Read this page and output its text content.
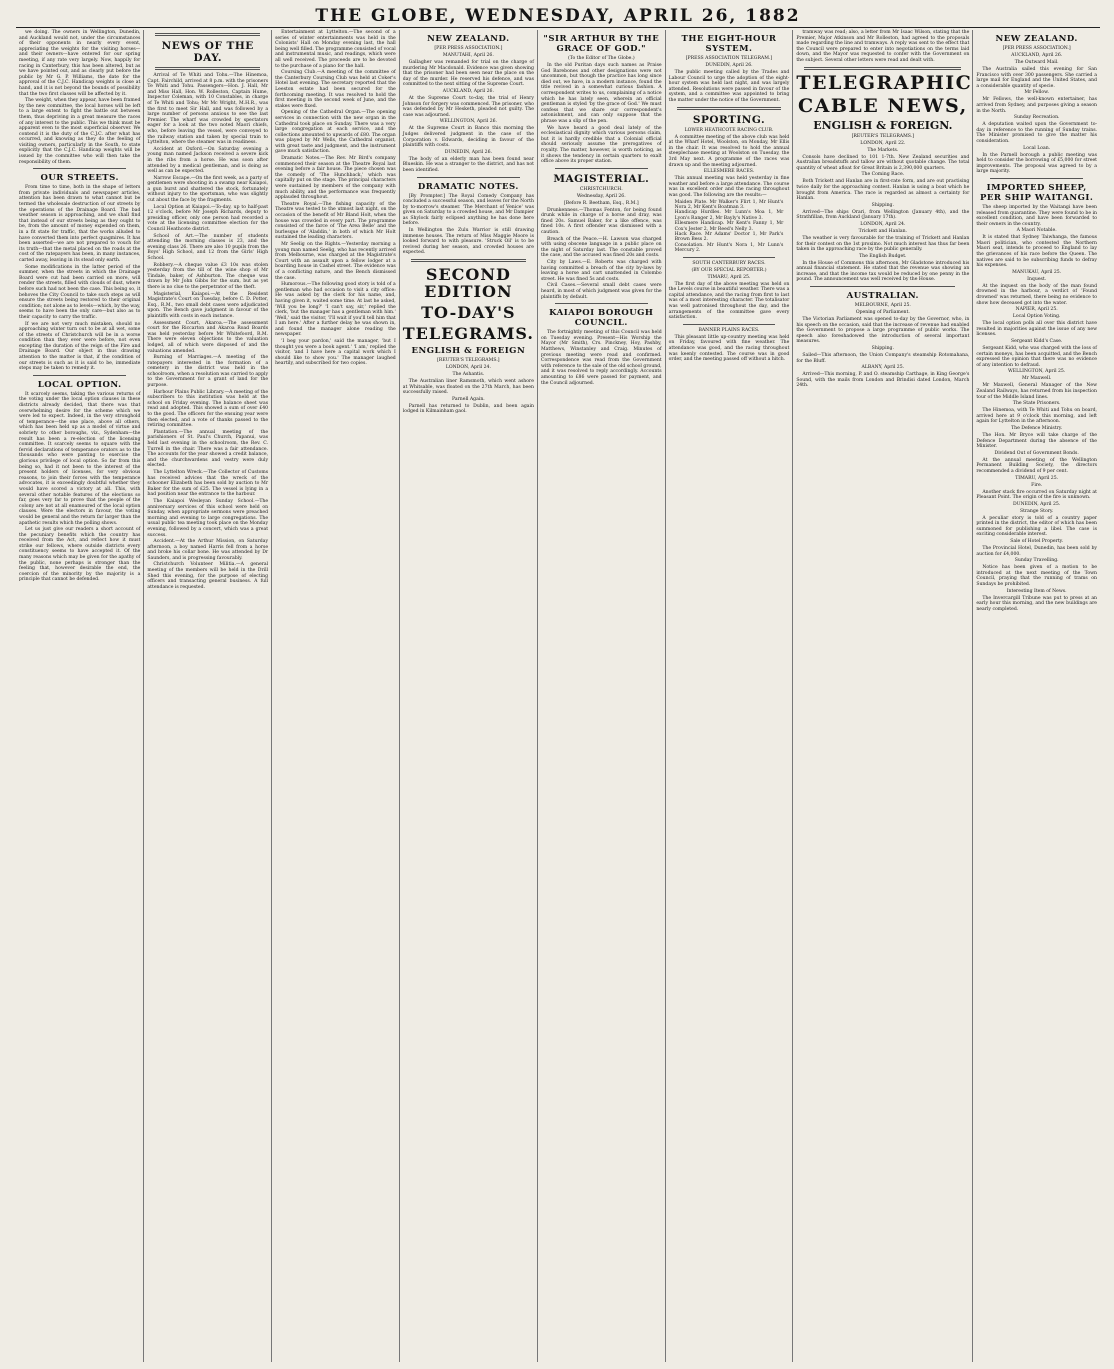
THE GLOBE, WEDNESDAY, APRIL 26, 1882

we doing. The owners in Wellington, Dunedin, and Auckland would not, under the circumstances of their opponents in nearly every event, appreciating the weights for the visiting horses—and their owners—have entered for our spring meeting, if any rate very largely. Now, happily for racing in Canterbury, this has been altered, but as we have pointed out, and as clearly put before the public by Mr G. P. Williams, the date for the approval of the C.J.C. Handicap weights is close at hand, and it is not beyond the bounds of possibility that the two first classes will be affected by it.

The weight, when they appear, have been framed by the new committee, the local horses will be left to a large extent to fight the battle out between them, thus depriving in a great measure the races of any interest to the public. This we think must be apparent even to the most superficial observer. We contend it is the duty of the C.J.C. after what has occurred, and knowing as they do the feeling of visiting owners, particularly in the South, to state explicitly that the C.J.C. Handicap weights will be issued by the committee who will then take the responsibility of them.

OUR STREETS.

From time to time, both in the shape of letters from private individuals and newspaper articles, attention has been drawn to what cannot but be termed the wholesale destruction of our streets by the operations of the Drainage Board. The bad weather season is approaching, and we shall find that instead of our streets being as they ought to be, from the amount of money expended on them, in a fit state for traffic, that the works alluded to have converted them into perfect quagmires. It has been asserted—we are not prepared to vouch for its truth—that the metal placed on the roads at the cost of the ratepayers has been, in many instances, carted away, leaving in its stead only earth.

Some modifications in the latter period of the summer, when the streets in which the Drainage Board were cut had been carried on more, will render the streets, filled with clouds of dust, where before such had not been the case. This being so, it behoves the City Council to take such steps as will ensure the streets being restored to their original condition; not alone as to levels—which, by the way, seems to have been the only care—but also as to their capacity to carry the traffic.

If we are not very much mistaken, should no approaching winter turn out to be at all wet, some of the streets of Christchurch will be in a worse condition than they ever were before, not even excepting the duration of the reign of the Fire and Drainage Board. Our object in thus drawing attention to the matter is that, if the condition of our streets is such as it is said to be, immediate steps may be taken to remedy it.

LOCAL OPTION.

It scarcely seems, taking the various returns of the voting under the local option clauses in these districts already decided, that there was that overwhelming desire for the scheme which we were led to expect. Indeed, in the very stronghold of temperance—the one place, above all others, which has been held up as a model of virtue and sobriety to other boroughs, viz., Sydenham—the result has been a re-election of the licensing committee. It scarcely seems to square with the fervid declarations of temperance orators as to the thousands who were panting to exercise the glorious privilege of local option. So far from this being so, had it not been to the interest of the present holders of licenses, for very obvious reasons, to join their forces with the temperance advocates, it is exceedingly doubtful whether they would have scored a victory at all. This, with several other notable features of the elections so far, goes very far to prove that the people of the colony are not at all enamoured of the local option clauses. Were the electors in favour, the voting would be general and the return far larger than the apathetic results which the polling shows.

Let us just give our readers a short account of the pecuniary benefits which the country has received from the Act, and reflect how it must strike our fellows, where outside districts every constituency seems to have accepted it. Of the many reasons which may be given for the apathy of the public, none perhaps is stronger than the feeling that, however desirable the end, the coercion of the minority by the majority is a principle that cannot be defended.

NEWS OF THE DAY.

Arrival of Te Whiti and Tohu.—The Hinemoa, Capt. Fairchild, arrived at 8 p.m. with the prisoners Te Whiti and Tohu. Passengers—Hon. J. Hall, Mr and Miss Hall, Hon. W. Rolleston, Captain Hume, Inspector Coleman, with 10 Constables, in charge of Te Whiti and Tohu; Mr Mc Wright, M.H.R., was the first to meet Sir Hall, and was followed by a large number of persons anxious to see the last Premier. The wharf was crowded by spectators eager for a look at the two noted Maori chiefs, who, before leaving the vessel, were conveyed to the railway station and taken by special train to Lyttelton, where the steamer was in readiness.

Accident at Oxford.—On Saturday evening a young man named Jackson received a severe kick in the ribs from a horse. He was soon after attended by a medical gentleman, and is doing as well as can be expected.

Narrow Escape.—On the first week, as a party of gentlemen were shooting in a swamp near Kaiapoi, a gun burst and shattered the stock, fortunately without injury to the sportsman, who was slightly cut about the face by the fragments.

Local Option at Kaiapoi.—To-day, up to half-past 12 o'clock, before Mr Joseph Richards, deputy to presiding officer, only one person had recorded a vote at the licensing committee election for the Council Heathcote district.

School of Art.—The number of students attending the morning classes is 23, and the evening class 26. There are also 10 pupils from the Boys' High School, and 12 from the Girls' High School.

Robbery.—A cheque value £3 10s was stolen yesterday from the till of the wine shop of Mr Tindale, baker, of Ashburton. The cheque was drawn by Mr John Gibbs for the sum, but as yet there is no clue to the perpetrator of the theft.

Magisterial, Kaiapoi.—At the Resident Magistrate's Court on Tuesday, before C. D. Potter, Esq., R.M., two small debt cases were adjudicated upon. The Bench gave judgment in favour of the plaintiffs with costs in each instance.

Assessment Court, Akaroa.—The assessment court for the Riccarton and Akaroa Road Boards was held yesterday before Mr Whitefoord, R.M. There were eleven objections to the valuation lodged, all of which were disposed of and the valuations amended.

Burning of Marriages.—A meeting of the ratepayers interested in the formation of a cemetery in the district was held in the schoolroom, when a resolution was carried to apply to the Government for a grant of land for the purpose.

Harbour Plains Public Library.—A meeting of the subscribers to this institution was held at the school on Friday evening. The balance sheet was read and adopted. This showed a sum of over £40 to the good. The officers for the ensuing year were then elected, and a vote of thanks passed to the retiring committee.

Plantation.—The annual meeting of the parishioners of St. Paul's Church, Papanui, was held last evening in the schoolroom, the Rev. C. Turrell in the chair. There was a fair attendance. The accounts for the year showed a credit balance, and the churchwardens and vestry were duly elected.

The Lyttelton Wreck.—The Collector of Customs has received advices that the wreck of the schooner Elizabeth has been sold by auction to Mr Baker for the sum of £25. The vessel is lying in a bad position near the entrance to the harbour.

The Kaiapoi Wesleyan Sunday School.—The anniversary services of this school were held on Sunday, when appropriate sermons were preached morning and evening to large congregations. The usual public tea meeting took place on the Monday evening, followed by a concert, which was a great success.

Accident.—At the Arthur Mission, on Saturday afternoon, a boy named Harris fell from a horse and broke his collar bone. He was attended by Dr Saunders, and is progressing favourably.

Christchurch Volunteer Militia.—A general meeting of the members will be held in the Drill Shed this evening, for the purpose of electing officers and transacting general business. A full attendance is requested.

Entertainment at Lyttelton.—The second of a series of winter entertainments was held in the Colonists' Hall on Monday evening last, the hall being well filled. The programme consisted of vocal and instrumental music, and readings, which were all well received. The proceeds are to be devoted to the purchase of a piano for the hall.

Coursing Club.—A meeting of the committee of the Canterbury Coursing Club was held at Coker's Hotel last evening. The secretary reported that the Leeston estate had been secured for the forthcoming meeting. It was resolved to hold the first meeting in the second week of June, and the stakes were fixed.

Opening of the Cathedral Organ.—The opening services in connection with the new organ in the Cathedral took place on Sunday. There was a very large congregation at each service, and the collections amounted to upwards of £80. The organ was played by Mr Wells, the Cathedral organist, with great taste and judgment, and the instrument gave much satisfaction.

Dramatic Notes.—The Rev. Mr Bird's company commenced their season at the Theatre Royal last evening before a fair house. The piece chosen was the comedy of 'The Hunchback,' which was capitally put on the stage. The principal characters were sustained by members of the company with much ability, and the performance was frequently applauded throughout.

Theatre Royal.—The fishing capacity of the Theatre was tested to the utmost last night, on the occasion of the benefit of Mr Bland Holt, when the house was crowded in every part. The programme consisted of the farce of 'The Area Belle' and the burlesque of 'Aladdin,' in both of which Mr Holt sustained the leading characters.

Mr Seelig on the Rights.—Yesterday morning a young man named Seelig, who has recently arrived from Melbourne, was charged at the Magistrate's Court with an assault upon a fellow lodger at a boarding house in Cashel street. The evidence was of a conflicting nature, and the Bench dismissed the case.

Humorous.—The following good story is told of a gentleman who had occasion to visit a city office: He was asked by the clerk for his name, and, having given it, waited some time. At last he asked, 'Will you be long?' 'I can't say, sir,' replied the clerk, 'but the manager has a gentleman with him.' 'Well,' said the visitor, 'I'll wait if you'll tell him that I am here.' After a further delay he was shown in, and found the manager alone reading the newspaper.

'I beg your pardon,' said the manager, 'but I thought you were a book agent.' 'I am,' replied the visitor, 'and I have here a capital work which I should like to show you.' The manager laughed heartily, and subscribed for two copies.

NEW ZEALAND.
[PER PRESS ASSOCIATION.]
MANUTAHI, April 26.

Gallagher was remanded for trial on the charge of murdering Mr Macdonald. Evidence was given showing that the prisoner had been seen near the place on the day of the murder. He reserved his defence, and was committed to the next sitting of the Supreme Court.

AUCKLAND, April 26.

At the Supreme Court to-day, the trial of Henry Johnson for forgery was commenced. The prisoner, who was defended by Mr Hesketh, pleaded not guilty. The case was adjourned.

WELLINGTON, April 26.

At the Supreme Court in Banco this morning the Judges delivered judgment in the case of the Corporation v. Edwards, deciding in favour of the plaintiffs with costs.

DUNEDIN, April 26.

The body of an elderly man has been found near Blueskin. He was a stranger to the district, and has not been identified.

DRAMATIC NOTES.

[By Prompter.] The Royal Comedy Company has concluded a successful season, and leaves for the North by to-morrow's steamer. 'The Merchant of Venice' was given on Saturday to a crowded house, and Mr Dampier as Shylock fairly eclipsed anything he has done here before.

In Wellington the Zulu Warrior is still drawing immense houses. The return of Miss Maggie Moore is looked forward to with pleasure. 'Struck Oil' is to be revived during her season, and crowded houses are expected.

SECOND EDITION
TO-DAY'S
TELEGRAMS.
ENGLISH & FOREIGN
[REUTER'S TELEGRAMS.]
LONDON, April 24.
The Ashantis.

The Australian liner Ramsmoth, which went ashore at Whitsable, was floated on the 27th March, has been successfully raised.

Parnell Again.

Parnell has returned to Dublin, and been again lodged in Kilmainham gaol.

"SIR ARTHUR BY THE GRACE OF GOD."
(To the Editor of The Globe.)

In the old Puritan days such names as Praise God Barebones and other designations were not uncommon, but though the practice has long since died out, we have, in a modern instance, found the title revived in a somewhat curious fashion. A correspondent writes to us, complaining of a notice which he has lately seen, wherein an official gentleman is styled 'by the grace of God.' We must confess that we share our correspondent's astonishment, and can only suppose that the phrase was a slip of the pen.

We have heard a good deal lately of the ecclesiastical dignity which various persons claim, but it is hardly credible that a Colonial official should seriously assume the prerogatives of royalty. The matter, however, is worth noticing, as it shows the tendency in certain quarters to exalt office above its proper station.

MAGISTERIAL.
CHRISTCHURCH.
Wednesday, April 26.
[Before R. Beetham, Esq., R.M.]

Drunkenness.—Thomas Fenton, for being found drunk while in charge of a horse and dray, was fined 20s. Samuel Baker, for a like offence, was fined 10s. A first offender was dismissed with a caution.

Breach of the Peace.—H. Lawson was charged with using obscene language in a public place on the night of Saturday last. The constable proved the case, and the accused was fined 20s and costs.

City by Laws.—E. Roberts was charged with having committed a breach of the city by-laws by leaving a horse and cart unattended in Colombo street. He was fined 5s and costs.

Civil Cases.—Several small debt cases were heard, in most of which judgment was given for the plaintiffs by default.

KAIAPOI BOROUGH COUNCIL.

The fortnightly meeting of this Council was held on Tuesday evening. Present—His Worship the Mayor (Mr Smith), Crs. Pinckney, Hoy, Pashby, Matthews, Winstanley and Craig. Minutes of previous meeting were read and confirmed. Correspondence was read from the Government with reference to the sale of the old school ground, and it was resolved to reply accordingly. Accounts amounting to £86 were passed for payment, and the Council adjourned.

THE EIGHT-HOUR SYSTEM.
[PRESS ASSOCIATION TELEGRAM.]
DUNEDIN, April 26.

The public meeting called by the Trades and Labour Council to urge the adoption of the eight-hour system was held last night, and was largely attended. Resolutions were passed in favour of the system, and a committee was appointed to bring the matter under the notice of the Government.

SPORTING.
LOWER HEATHCOTE RACING CLUB.

A committee meeting of the above club was held at the Wharf Hotel, Woolston, on Monday, Mr Ellis in the chair. It was resolved to hold the annual steeplechase meeting at Woolston on Tuesday, the 3rd May next. A programme of the races was drawn up and the meeting adjourned.

ELLESMERE RACES.

This annual meeting was held yesterday in fine weather and before a large attendance. The course was in excellent order and the racing throughout was good. The following are the results:—

Maiden Plate. Mr Walker's Flirt 1, Mr Hunt's Nora 2, Mr Kent's Boatman 3.
Handicap Hurdles. Mr Lunn's Moa 1, Mr Lyon's Ranger 2, Mr Bayly's Native 3.
Ellesmere Handicap. Mr Kent's Fanny 1, Mr Cox's Jester 2, Mr Reed's Nelly 3.
Hack Race. Mr Adams' Doctor 1, Mr Park's Brown Bess 2.
Consolation. Mr Hunt's Nora 1, Mr Lunn's Mercury 2.
SOUTH CANTERBURY RACES.
(BY OUR SPECIAL REPORTER.)
TIMARU, April 25.

The first day of the above meeting was held on the Levels course in beautiful weather. There was a capital attendance, and the racing from first to last was of a most interesting character. The totalisator was well patronised throughout the day, and the arrangements of the committee gave every satisfaction.

BANNER PLAINS RACES.

This pleasant little up-country meeting was held on Friday, favoured with fine weather. The attendance was good, and the racing throughout was keenly contested. The course was in good order, and the meeting passed off without a hitch.

tramway was read; also, a letter from Mr Isaac Wilson, stating that the Premier, Major Atkinson and Mr Rolleston, had agreed to the proposals made regarding the line and tramways. A reply was sent to the effect that the Council were prepared to enter into negotiations on the terms laid down, and the Mayor was requested to confer with the Government on the subject. Several other letters were read and dealt with.

TELEGRAPHIC
CABLE NEWS,
ENGLISH & FOREIGN.
[REUTER'S TELEGRAMS.]
LONDON, April 22.
The Markets.

Consols have declined to 101 1-7th. New Zealand securities and Australian breadstuffs and tallow are without quotable change. The total quantity of wheat afloat for Great Britain is 2,390,000 quarters.

The Coming Race.

Both Trickett and Hanlan are in first-rate form, and are out practising twice daily for the approaching contest. Hanlan is using a boat which he brought from America. The race is regarded as almost a certainty for Hanlan.

Shipping.

Arrived—The ships Orari, from Wellington (January 4th), and the Strathfillan, from Auckland (January 17th).

LONDON, April 24.
Trickett and Hanlan.

The weather is very favourable for the training of Trickett and Hanlan for their contest on the 1st proximo. Not much interest has thus far been taken in the approaching race by the public generally.

The English Budget.

In the House of Commons this afternoon, Mr Gladstone introduced his annual financial statement. He stated that the revenue was showing an increase, and that the income tax would be reduced by one penny in the pound. The announcement was well received by the House.

AUSTRALIAN.
MELBOURNE, April 25.
Opening of Parliament.

The Victorian Parliament was opened to-day by the Governor, who, in his speech on the occasion, said that the increase of revenue had enabled the Government to propose a large programme of public works. The speech also foreshadowed the introduction of several important measures.

Shipping.

Sailed—This afternoon, the Union Company's steamship Rotomahana, for the Bluff.

ALBANY, April 25.

Arrived—This morning, P. and O. steamship Carthage, in King George's Sound, with the mails from London and Brindisi dated London, March 24th.

NEW ZEALAND.
[PER PRESS ASSOCIATION.]
AUCKLAND, April 26.
The Outward Mail.

The Australia sailed this evening for San Francisco with over 300 passengers. She carried a large mail for England and the United States, and a considerable quantity of specie.

Mr Fellow.

Mr Fellows, the well-known entertainer, has arrived from Sydney, and purposes giving a season in the North.

Sunday Recreation.

A deputation waited upon the Government to-day in reference to the running of Sunday trains. The Minister promised to give the matter his consideration.

Local Loan.

In the Parnell borough a public meeting was held to consider the borrowing of £5,000 for street improvements. The proposal was agreed to by a large majority.

IMPORTED SHEEP, PER SHIP WAITANGI.

The sheep imported by the Waitangi have been released from quarantine. They were found to be in excellent condition, and have been forwarded to their owners in the country.

A Maori Notable.

It is stated that Sydney Taiwhanga, the famous Maori politician, who contested the Northern Maori seat, intends to proceed to England to lay the grievances of his race before the Queen. The natives are said to be subscribing funds to defray his expenses.

MANUKAU, April 25.
Inquest.

At the inquest on the body of the man found drowned in the harbour, a verdict of 'Found drowned' was returned, there being no evidence to show how deceased got into the water.

NAPIER, April 25.
Local Option Voting.

The local option polls all over this district have resulted in majorities against the issue of any new licenses.

Sergeant Kidd's Case.

Sergeant Kidd, who was charged with the loss of certain moneys, has been acquitted, and the Bench expressed the opinion that there was no evidence of any intention to defraud.

WELLINGTON, April 25.
Mr Maxwell.

Mr Maxwell, General Manager of the New Zealand Railways, has returned from his inspection tour of the Middle Island lines.

The State Prisoners.

The Hinemoa, with Te Whiti and Tohu on board, arrived here at 9 o'clock this morning, and left again for Lyttelton in the afternoon.

The Defence Ministry.

The Hon. Mr Bryce will take charge of the Defence Department during the absence of the Minister.

Dividend Out of Government Bonds.

At the annual meeting of the Wellington Permanent Building Society, the directors recommended a dividend of 9 per cent.

TIMARU, April 25.
Fire.

Another stack fire occurred on Saturday night at Pleasant Point. The origin of the fire is unknown.

DUNEDIN, April 25.
Strange Story.

A peculiar story is told of a country paper printed in the district, the editor of which has been summoned for publishing a libel. The case is exciting considerable interest.

Sale of Hotel Property.

The Provincial Hotel, Dunedin, has been sold by auction for £4,000.

Sunday Travelling.

Notice has been given of a motion to be introduced at the next meeting of the Town Council, praying that the running of trams on Sundays be prohibited.

Interesting Item of News.

The Invercargill Tribune was put to press at an early hour this morning, and the new buildings are nearly completed.
